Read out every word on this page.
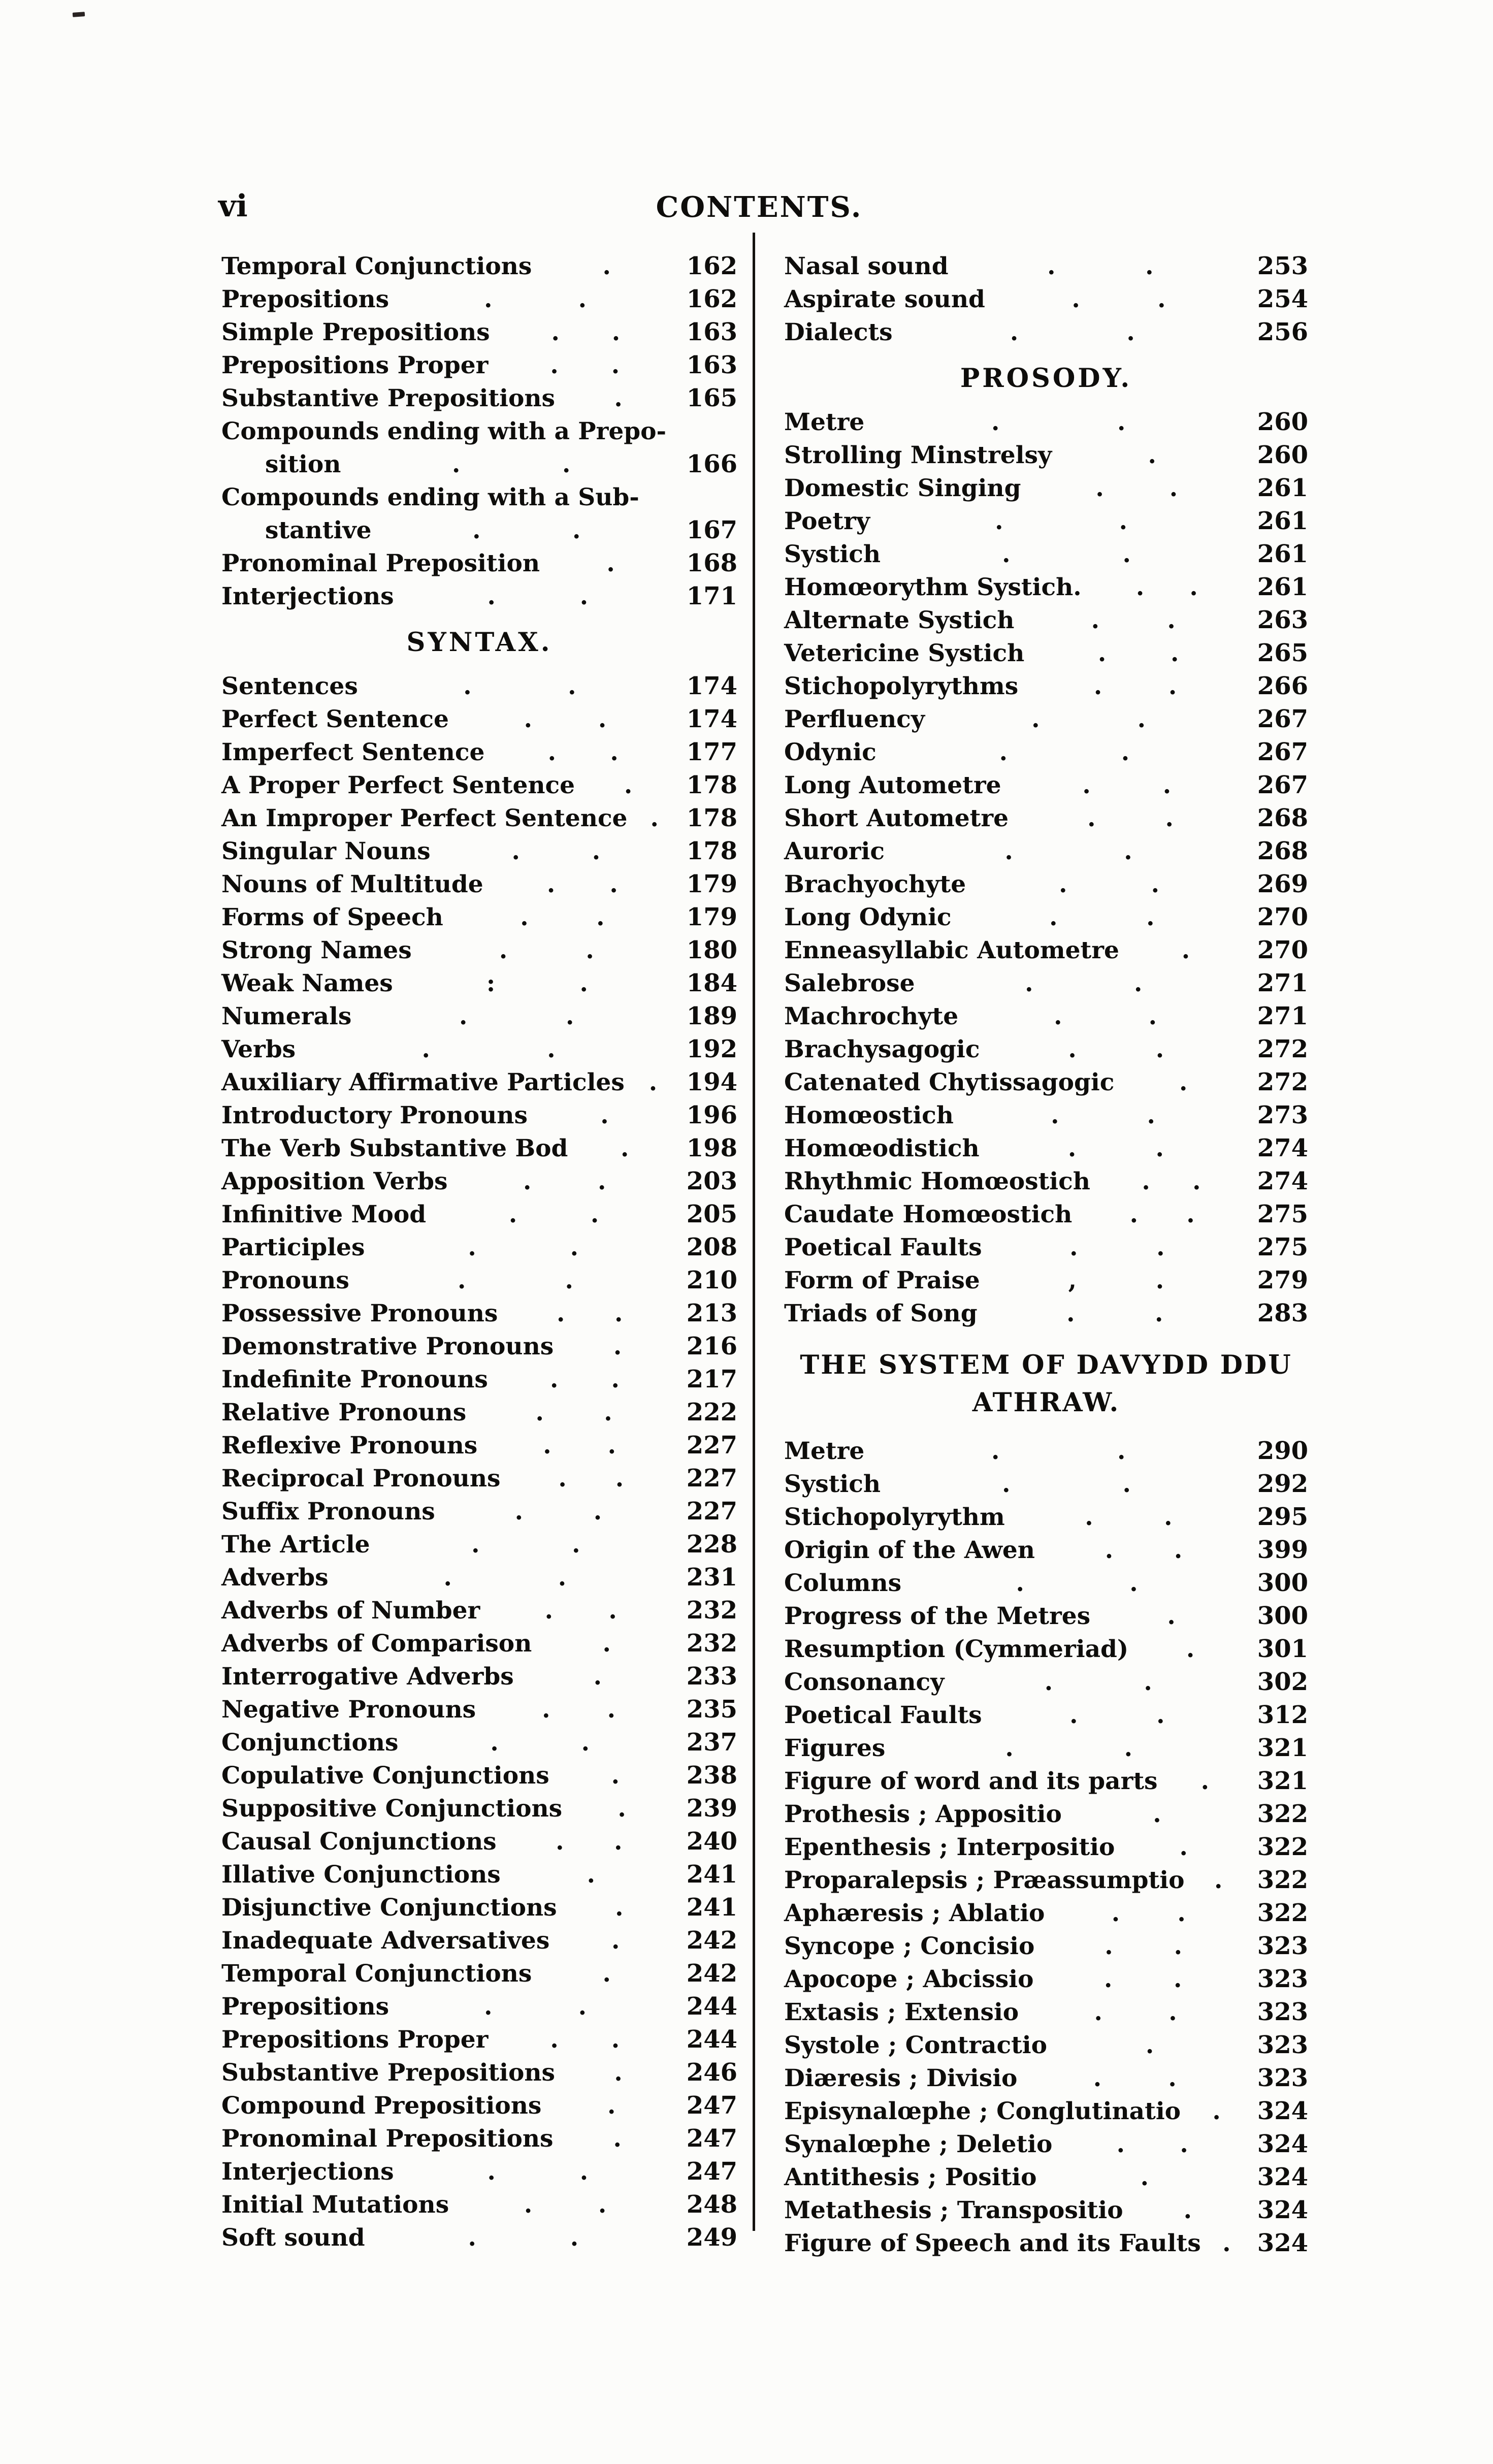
vi	CONTENTS.
Temporal Conjunctions	.	162
Prepositions	.	.	162
Simple Prepositions	. .	163
Prepositions Proper	. .	163
Substantive Prepositions .	165
Compounds ending with a Prepo-
sition	.	.	166
Compounds ending with a Sub-
stantive	.	.	167
Pronominal Preposition	.	168
Interjections	.	.	171
SYNTAX.
Sentences	.	.	174
Perfect Sentence	.	.	174
Imperfect Sentence	. .	177
A Proper Perfect Sentence .	178
An Improper Perfect Sentence .	178
Singular Nouns	.	.	178
Nouns of Multitude	. .	179
Forms of Speech	.	.	179
Strong Names	.	.	180
Weak Names	:	.	184
Numerals	.	.	189
Verbs	.	.	192
Auxiliary Affirmative Particles .	194
Introductory Pronouns	.	196
The Verb Substantive Bod .	198
Apposition Verbs	.	.	203
Infinitive Mood	.	.	205
Participles	.	.	208
Pronouns	.	.	210
Possessive Pronouns . .	213
Demonstrative Pronouns	.	216
Indefinite Pronouns	. .	217
Relative Pronouns	.	.	222
Reflexive Pronouns	. .	227
Reciprocal Pronouns . .	227
Suffix Pronouns	.	.	227
The Article	.	.	228
Adverbs	.	.	231
Adverbs of Number	. .	232
Adverbs of Comparison	.	232
Interrogative Adverbs	.	233
Negative Pronouns	. .	235
Conjunctions	.	.	237
Copulative Conjunctions	.	238
Suppositive Conjunctions .	239
Causal Conjunctions . .	240
Illative Conjunctions	.	241
Disjunctive Conjunctions .	241
Inadequate Adversatives	.	242
Temporal Conjunctions	.	242
Prepositions	.	.	244
Prepositions Proper	. .	244
Substantive Prepositions .	246
Compound Prepositions	.	247
Pronominal Prepositions	.	247
Interjections	.	.	247
Initial Mutations	.	.	248
Soft sound	.	.	249
Nasal sound	.	.	253
Aspirate sound	.	.	254
Dialects	.	.	256
PROSODY.
Metre	.	.	260
Strolling Minstrelsy	.	260
Domestic Singing	.	.	261
Poetry	.	.	261
Systich	.	.	261
Homœorythm Systich. . .	261
Alternate Systich	.	.	263
Vetericine Systich	.	.	265
Stichopolyrythms	.	.	266
Perfluency	.	.	267
Odynic	.	.	267
Long Autometre	.	.	267
Short Autometre	.	.	268
Auroric	.	.	268
Brachyochyte	.	.	269
Long Odynic	.	.	270
Enneasyllabic Autometre	.	270
Salebrose	.	.	271
Machrochyte	.	.	271
Brachysagogic	.	.	272
Catenated Chytissagogic	.	272
Homœostich	.	.	273
Homœodistich	.	.	274
Rhythmic Homœostich . .	274
Caudate Homœostich . .	275
Poetical Faults	.	.	275
Form of Praise	,	.	279
Triads of Song	.	.	283
THE SYSTEM OF DAVYDD DDU
ATHRAW.
Metre	.	.	290
Systich	.	.	292
Stichopolyrythm	.	.	295
Origin of the Awen	.	.	399
Columns	.	.	300
Progress of the Metres	.	300
Resumption (Cymmeriad) .	301
Consonancy	.	.	302
Poetical Faults	.	.	312
Figures	.	.	321
Figure of word and its parts .	321
Prothesis ; Appositio	.	322
Epenthesis ; Interpositio	.	322
Proparalepsis ; Præassumptio .	322
Aphæresis ; Ablatio	. .	322
Syncope ; Concisio	.	.	323
Apocope ; Abcissio	.	.	323
Extasis ; Extensio	.	.	323
Systole ; Contractio	.	323
Diæresis ; Divisio	.	.	323
Episynalœphe ; Conglutinatio .	324
Synalœphe ; Deletio	. .	324
Antithesis ; Positio	.	324
Metathesis ; Transpositio	.	324
Figure of Speech and its Faults .	324
